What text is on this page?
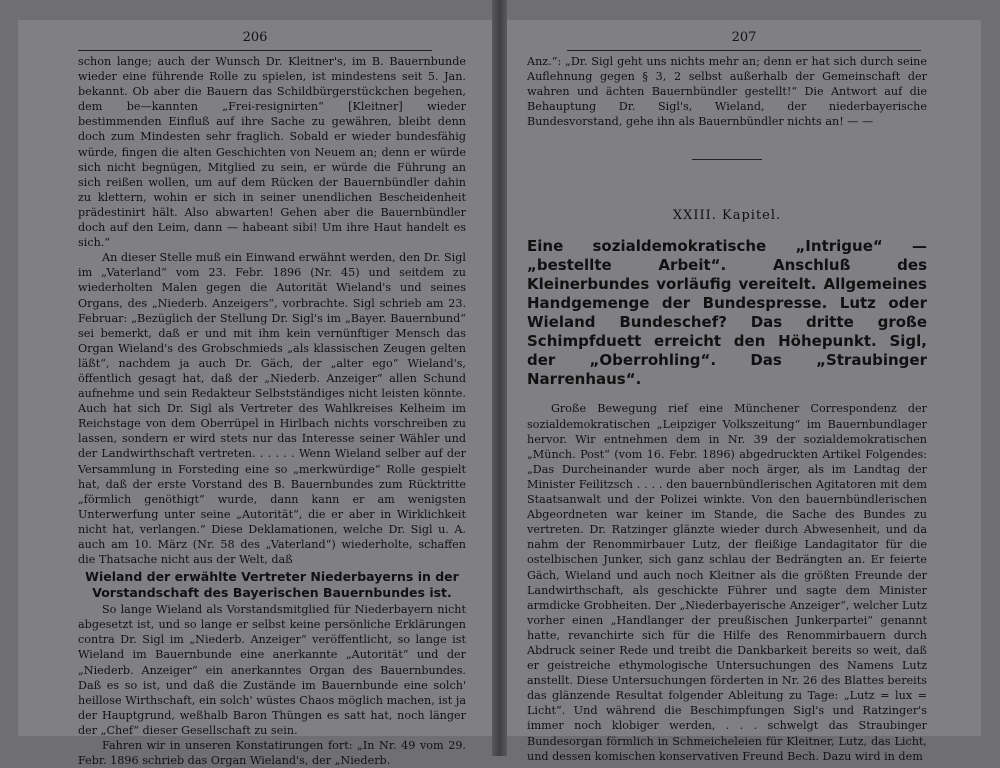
206

schon lange; auch der Wunsch Dr. Kleitner's, im B. Bauernbunde wieder eine führende Rolle zu spielen, ist mindestens seit 5. Jan. bekannt. Ob aber die Bauern das Schildbürgerstückchen begehen, dem be—kannten „Frei-resignirten“ [Kleitner] wieder bestimmenden Einfluß auf ihre Sache zu gewähren, bleibt denn doch zum Mindesten sehr fraglich. Sobald er wieder bundesfähig würde, fingen die alten Geschichten von Neuem an; denn er würde sich nicht begnügen, Mitglied zu sein, er würde die Führung an sich reißen wollen, um auf dem Rücken der Bauernbündler dahin zu klettern, wohin er sich in seiner unendlichen Bescheidenheit prädestinirt hält. Also abwarten! Gehen aber die Bauernbündler doch auf den Leim, dann — habeant sibi! Um ihre Haut handelt es sich.“

An dieser Stelle muß ein Einwand erwähnt werden, den Dr. Sigl im „Vaterland“ vom 23. Febr. 1896 (Nr. 45) und seitdem zu wiederholten Malen gegen die Autorität Wieland's und seines Organs, des „Niederb. Anzeigers“, vorbrachte. Sigl schrieb am 23. Februar: „Bezüglich der Stellung Dr. Sigl's im „Bayer. Bauernbund“ sei bemerkt, daß er und mit ihm kein vernünftiger Mensch das Organ Wieland's des Grobschmieds „als klassischen Zeugen gelten läßt“, nachdem ja auch Dr. Gäch, der „alter ego“ Wieland's, öffentlich gesagt hat, daß der „Niederb. Anzeiger“ allen Schund aufnehme und sein Redakteur Selbstständiges nicht leisten könnte. Auch hat sich Dr. Sigl als Vertreter des Wahlkreises Kelheim im Reichstage von dem Oberrüpel in Hirlbach nichts vorschreiben zu lassen, sondern er wird stets nur das Interesse seiner Wähler und der Landwirthschaft vertreten. . . . . . Wenn Wieland selber auf der Versammlung in Forsteding eine so „merkwürdige“ Rolle gespielt hat, daß der erste Vorstand des B. Bauernbundes zum Rücktritte „förmlich genöthigt“ wurde, dann kann er am wenigsten Unterwerfung unter seine „Autorität“, die er aber in Wirklichkeit nicht hat, verlangen.“ Diese Deklamationen, welche Dr. Sigl u. A. auch am 10. März (Nr. 58 des „Vaterland“) wiederholte, schaffen die Thatsache nicht aus der Welt, daß

Wieland der erwählte Vertreter Niederbayerns in der Vorstandschaft des Bayerischen Bauernbundes ist.

So lange Wieland als Vorstandsmitglied für Niederbayern nicht abgesetzt ist, und so lange er selbst keine persönliche Erklärungen contra Dr. Sigl im „Niederb. Anzeiger“ veröffentlicht, so lange ist Wieland im Bauernbunde eine anerkannte „Autorität“ und der „Niederb. Anzeiger“ ein anerkanntes Organ des Bauernbundes. Daß es so ist, und daß die Zustände im Bauernbunde eine solch' heillose Wirthschaft, ein solch' wüstes Chaos möglich machen, ist ja der Hauptgrund, weßhalb Baron Thüngen es satt hat, noch länger der „Chef“ dieser Gesellschaft zu sein.

Fahren wir in unseren Konstatirungen fort: „In Nr. 49 vom 29. Febr. 1896 schrieb das Organ Wieland's, der „Niederb.

207

Anz.“: „Dr. Sigl geht uns nichts mehr an; denn er hat sich durch seine Auflehnung gegen § 3, 2 selbst außerhalb der Gemeinschaft der wahren und ächten Bauernbündler gestellt!“ Die Antwort auf die Behauptung Dr. Sigl's, Wieland, der niederbayerische Bundesvorstand, gehe ihn als Bauernbündler nichts an! — —

XXIII. Kapitel.

Eine sozialdemokratische „Intrigue“ — „bestellte Arbeit“. Anschluß des Kleinerbundes vorläufig vereitelt. Allgemeines Handgemenge der Bundespresse. Lutz oder Wieland Bundeschef? Das dritte große Schimpfduett erreicht den Höhepunkt. Sigl, der „Oberrohling“. Das „Straubinger Narrenhaus“.

Große Bewegung rief eine Münchener Correspondenz der sozialdemokratischen „Leipziger Volkszeitung“ im Bauernbundlager hervor. Wir entnehmen dem in Nr. 39 der sozialdemokratischen „Münch. Post“ (vom 16. Febr. 1896) abgedruckten Artikel Folgendes: „Das Durcheinander wurde aber noch ärger, als im Landtag der Minister Feilitzsch . . . . den bauernbündlerischen Agitatoren mit dem Staatsanwalt und der Polizei winkte. Von den bauernbündlerischen Abgeordneten war keiner im Stande, die Sache des Bundes zu vertreten. Dr. Ratzinger glänzte wieder durch Abwesenheit, und da nahm der Renommirbauer Lutz, der fleißige Landagitator für die ostelbischen Junker, sich ganz schlau der Bedrängten an. Er feierte Gäch, Wieland und auch noch Kleitner als die größten Freunde der Landwirthschaft, als geschickte Führer und sagte dem Minister armdicke Grobheiten. Der „Niederbayerische Anzeiger“, welcher Lutz vorher einen „Handlanger der preußischen Junkerpartei“ genannt hatte, revanchirte sich für die Hilfe des Renommirbauern durch Abdruck seiner Rede und treibt die Dankbarkeit bereits so weit, daß er geistreiche ethymologische Untersuchungen des Namens Lutz anstellt. Diese Untersuchungen förderten in Nr. 26 des Blattes bereits das glänzende Resultat folgender Ableitung zu Tage: „Lutz = lux = Licht“. Und während die Beschimpfungen Sigl's und Ratzinger's immer noch klobiger werden, . . . schwelgt das Straubinger Bundesorgan förmlich in Schmeicheleien für Kleitner, Lutz, das Licht, und dessen komischen konservativen Freund Bech. Dazu wird in dem
